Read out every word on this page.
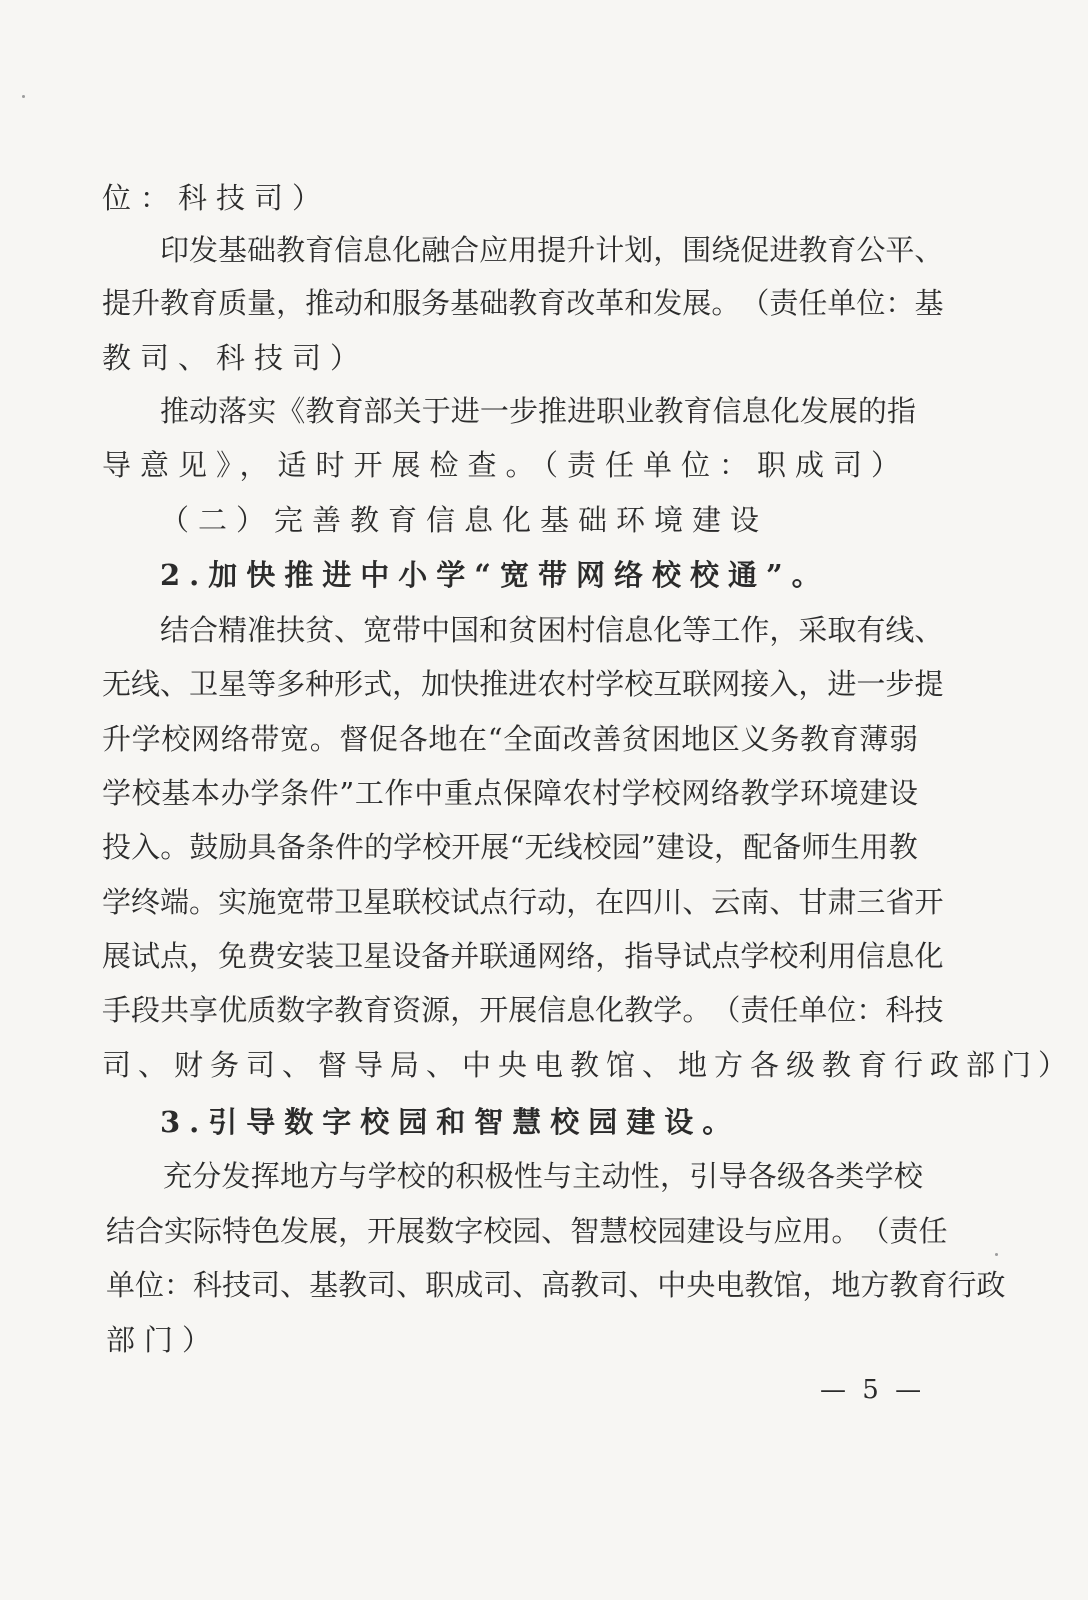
位：科技司）
印 发 基 础 教 育 信 息 化 融 合 应 用 提 升 计 划 ， 围 绕 促 进 教 育 公 平 、
提 升 教 育 质 量 ， 推 动 和 服 务 基 础 教 育 改 革 和 发 展 。 （ 责 任 单 位 ： 基
教司、科技司）
推 动 落 实 《 教 育 部 关 于 进 一 步 推 进 职 业 教 育 信 息 化 发 展 的 指
导意见》，适时开展检查。（责任单位：职成司）
（二）完善教育信息化基础环境建设
2.加快推进中小学“宽带网络校校通”。
结 合 精 准 扶 贫 、 宽 带 中 国 和 贫 困 村 信 息 化 等 工 作 ， 采 取 有 线 、
无 线 、 卫 星 等 多 种 形 式 ， 加 快 推 进 农 村 学 校 互 联 网 接 入 ， 进 一 步 提
升 学 校 网 络 带 宽 。 督 促 各 地 在 “ 全 面 改 善 贫 困 地 区 义 务 教 育 薄 弱
学 校 基 本 办 学 条 件 ” 工 作 中 重 点 保 障 农 村 学 校 网 络 教 学 环 境 建 设
投 入 。 鼓 励 具 备 条 件 的 学 校 开 展 “ 无 线 校 园 ” 建 设 ， 配 备 师 生 用 教
学 终 端 。 实 施 宽 带 卫 星 联 校 试 点 行 动 ， 在 四 川 、 云 南 、 甘 肃 三 省 开
展 试 点 ， 免 费 安 装 卫 星 设 备 并 联 通 网 络 ， 指 导 试 点 学 校 利 用 信 息 化
手 段 共 享 优 质 数 字 教 育 资 源 ， 开 展 信 息 化 教 学 。 （ 责 任 单 位 ： 科 技
司、财务司、督导局、中央电教馆、地方各级教育行政部门）
3.引导数字校园和智慧校园建设。
充 分 发 挥 地 方 与 学 校 的 积 极 性 与 主 动 性 ， 引 导 各 级 各 类 学 校
结 合 实 际 特 色 发 展 ， 开 展 数 字 校 园 、 智 慧 校 园 建 设 与 应 用 。 （ 责 任
单 位 ： 科 技 司 、 基 教 司 、 职 成 司 、 高 教 司 、 中 央 电 教 馆 ， 地 方 教 育 行 政
部门）
— 5 —
